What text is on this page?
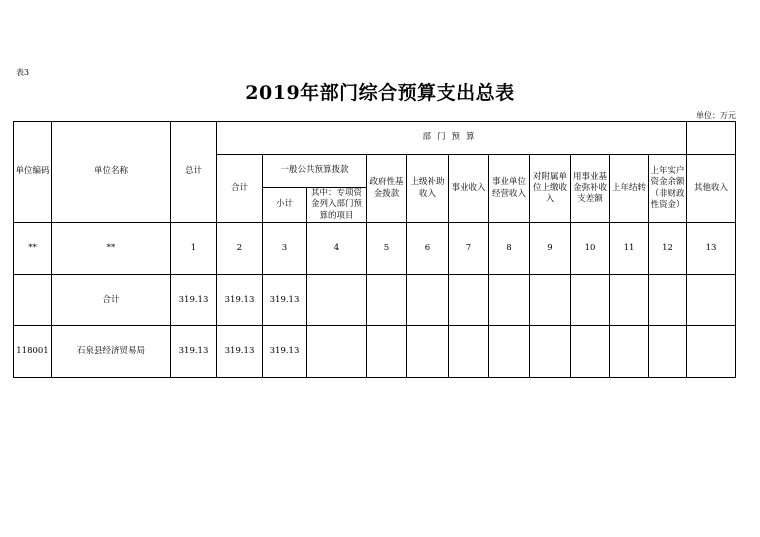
表3
2019年部门综合预算支出总表
单位：万元
单位编码	单位名称	总计	部门预算											
			合计	一般公共预算拨款		政府性基金拨款	上级补助收入	事业收入	事业单位经营收入	对附属单位上缴收入	用事业基金弥补收支差额	上年结转	上年实户资金余额（非财政性资金）	其他收入
				小计	其中：专项资金列入部门预算的项目									
**	**	1	2	3	4	5	6	7	8	9	10	11	12	13
	合计	319.13	319.13	319.13										
118001	石泉县经济贸易局	319.13	319.13	319.13										
